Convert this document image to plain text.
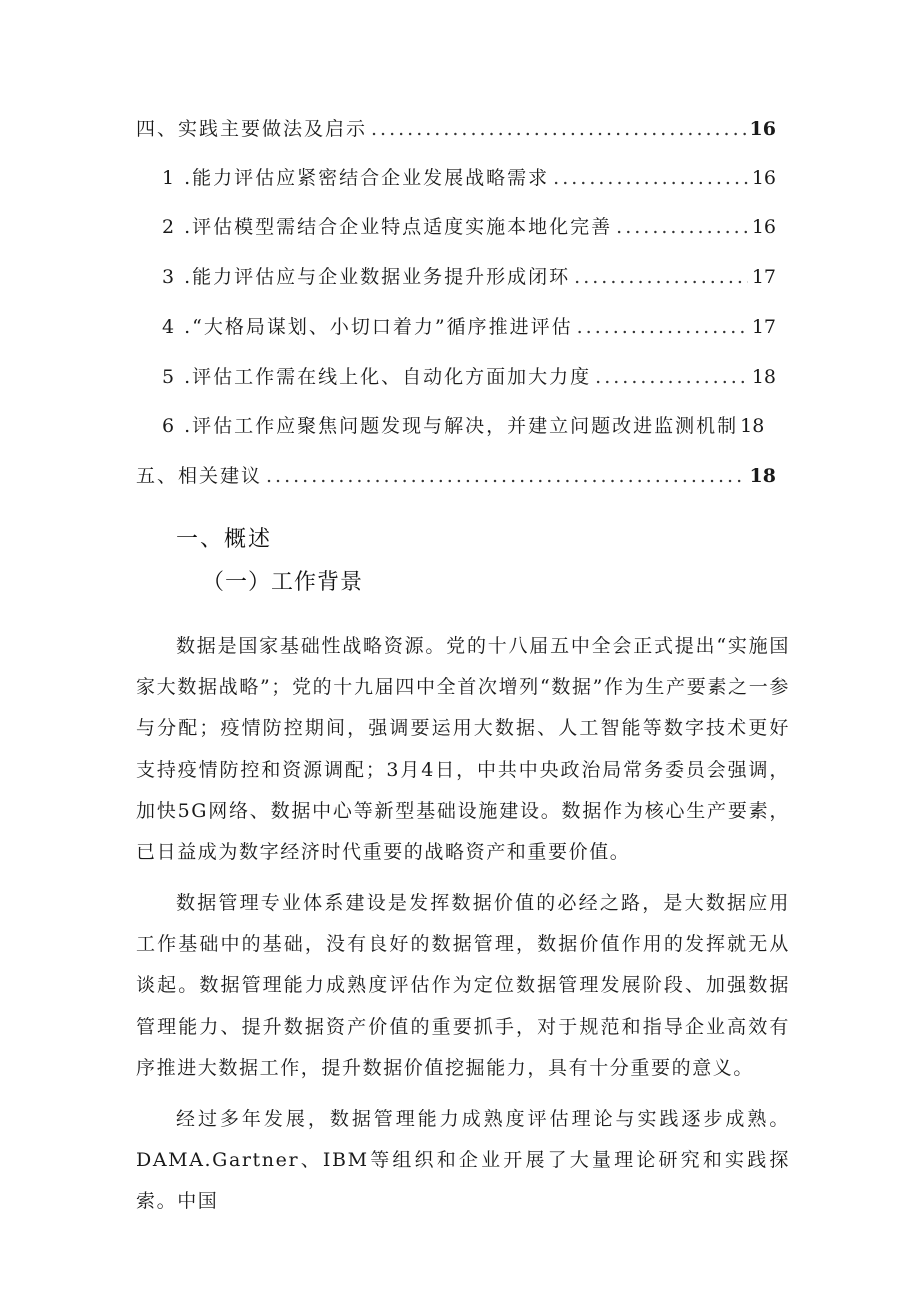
四、实践主要做法及启示 .....	16
1 .能力评估应紧密结合企业发展战略需求 .....	16
2 .评估模型需结合企业特点适度实施本地化完善 .....	16
3 .能力评估应与企业数据业务提升形成闭环 .....	17
4 .“大格局谋划、小切口着力”循序推进评估 .....	17
5 .评估工作需在线上化、自动化方面加大力度 .....	18
6 .评估工作应聚焦问题发现与解决，并建立问题改进监测机制 18
五、相关建议 .....	18
一、概述
（一）工作背景

数据是国家基础性战略资源。党的十八届五中全会正式提出“实施国家大数据战略”；党的十九届四中全首次增列“数据”作为生产要素之一参与分配；疫情防控期间，强调要运用大数据、人工智能等数字技术更好支持疫情防控和资源调配；3月4日，中共中央政治局常务委员会强调，加快5G网络、数据中心等新型基础设施建设。数据作为核心生产要素，已日益成为数字经济时代重要的战略资产和重要价值。

数据管理专业体系建设是发挥数据价值的必经之路，是大数据应用工作基础中的基础，没有良好的数据管理，数据价值作用的发挥就无从谈起。数据管理能力成熟度评估作为定位数据管理发展阶段、加强数据管理能力、提升数据资产价值的重要抓手，对于规范和指导企业高效有序推进大数据工作，提升数据价值挖掘能力，具有十分重要的意义。

经过多年发展，数据管理能力成熟度评估理论与实践逐步成熟。DAMA.Gartner、IBM等组织和企业开展了大量理论研究和实践探索。中国
